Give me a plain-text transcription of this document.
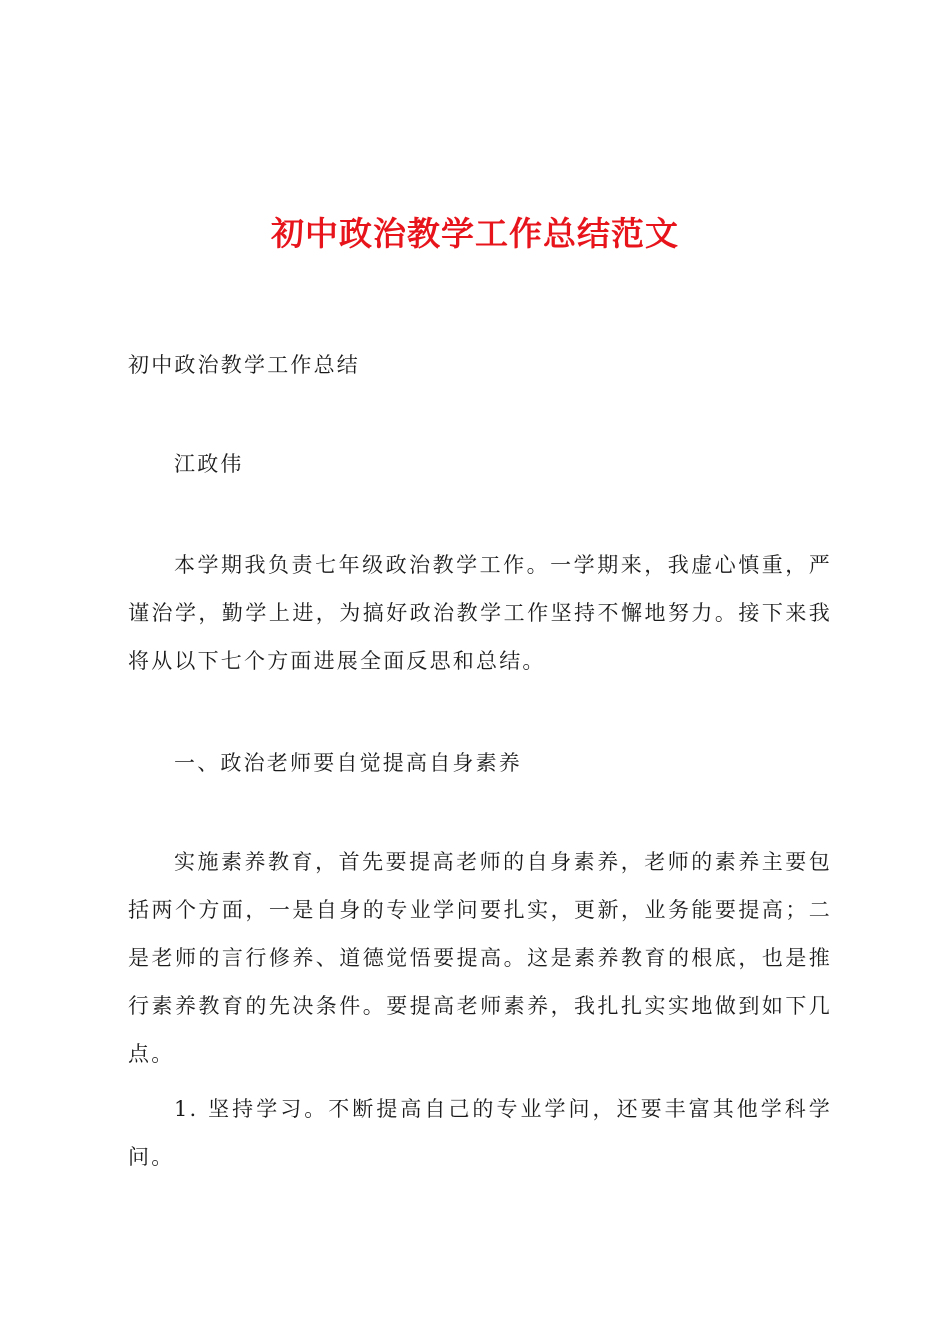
初中政治教学工作总结范文

初中政治教学工作总结

江政伟

本学期我负责七年级政治教学工作。一学期来，我虚心慎重，严谨治学，勤学上进，为搞好政治教学工作坚持不懈地努力。接下来我将从以下七个方面进展全面反思和总结。

一、政治老师要自觉提高自身素养

实施素养教育，首先要提高老师的自身素养，老师的素养主要包 括两个方面，一是自身的专业学问要扎实，更新，业务能要提高；二是老师的言行修养、道德觉悟要提高。这是素养教育的根底，也是推行素养教育的先决条件。要提高老师素养，我扎扎实实地做到如下几点。

1. 坚持学习。不断提高自己的专业学问，还要丰富其他学科学问。
